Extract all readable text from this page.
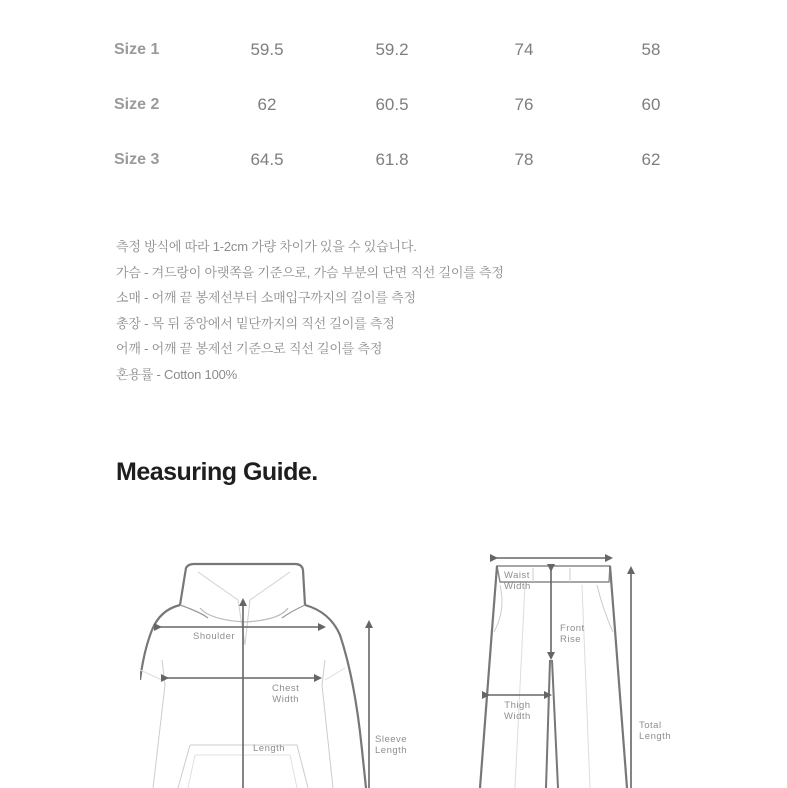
Size 1	59.5	59.2	74	58
Size 2	62	60.5	76	60
Size 3	64.5	61.8	78	62
측정 방식에 따라 1-2cm 가량 차이가 있을 수 있습니다.
가슴 - 겨드랑이 아랫쪽을 기준으로, 가슴 부분의 단면 직선 길이를 측정
소매 - 어깨 끝 봉제선부터 소매입구까지의 길이를 측정
총장 - 목 뒤 중앙에서 밑단까지의 직선 길이를 측정
어깨 - 어깨 끝 봉제선 기준으로 직선 길이를 측정
혼용률 - Cotton 100%
Measuring Guide.
Shoulder
Chest
Width
Length
Sleeve
Length
Waist
Width
Front
Rise
Thigh
Width
Total
Length
